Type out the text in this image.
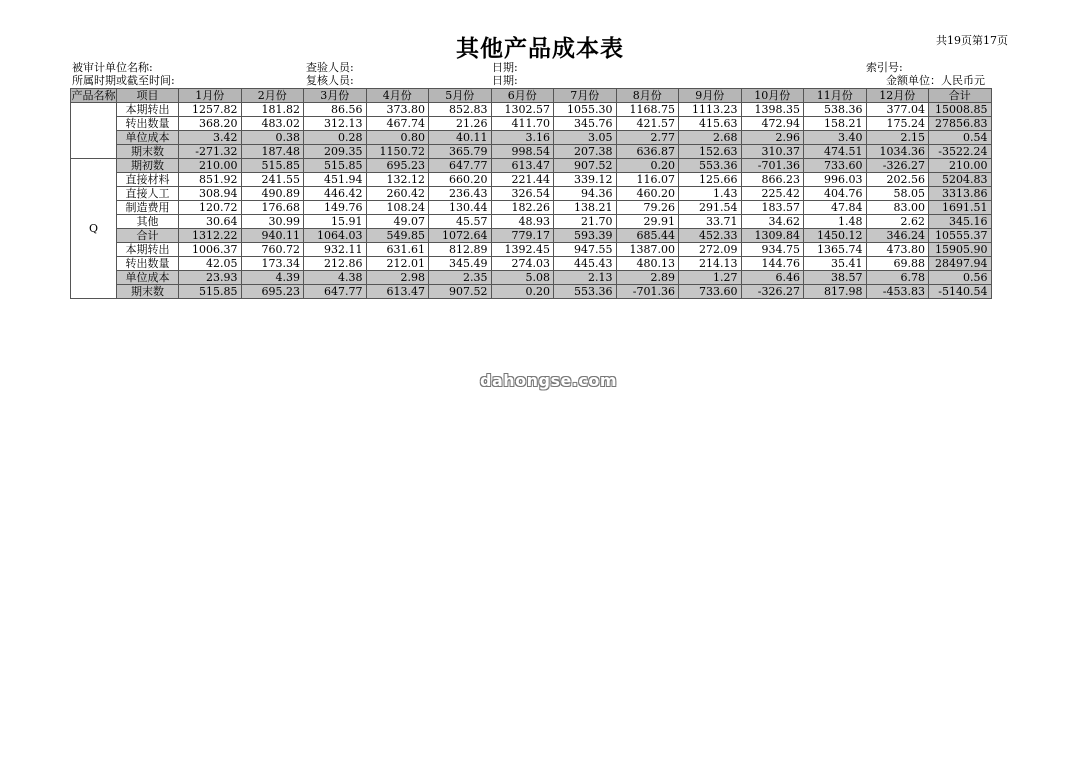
共19页第17页
其他产品成本表
被审计单位名称:	查验人员:	日期:	索引号:
所属时期或截至时间:	复核人员:	日期:	金额单位：人民币元
产品名称	项目	1月份	2月份	3月份	4月份	5月份	6月份	7月份	8月份	9月份	10月份	11月份	12月份	合计
	本期转出	1257.82	181.82	86.56	373.80	852.83	1302.57	1055.30	1168.75	1113.23	1398.35	538.36	377.04	15008.85
	转出数量	368.20	483.02	312.13	467.74	21.26	411.70	345.76	421.57	415.63	472.94	158.21	175.24	27856.83
	单位成本	3.42	0.38	0.28	0.80	40.11	3.16	3.05	2.77	2.68	2.96	3.40	2.15	0.54
	期末数	-271.32	187.48	209.35	1150.72	365.79	998.54	207.38	636.87	152.63	310.37	474.51	1034.36	-3522.24
Q	期初数	210.00	515.85	515.85	695.23	647.77	613.47	907.52	0.20	553.36	-701.36	733.60	-326.27	210.00
	直接材料	851.92	241.55	451.94	132.12	660.20	221.44	339.12	116.07	125.66	866.23	996.03	202.56	5204.83
	直接人工	308.94	490.89	446.42	260.42	236.43	326.54	94.36	460.20	1.43	225.42	404.76	58.05	3313.86
	制造费用	120.72	176.68	149.76	108.24	130.44	182.26	138.21	79.26	291.54	183.57	47.84	83.00	1691.51
	其他	30.64	30.99	15.91	49.07	45.57	48.93	21.70	29.91	33.71	34.62	1.48	2.62	345.16
	合计	1312.22	940.11	1064.03	549.85	1072.64	779.17	593.39	685.44	452.33	1309.84	1450.12	346.24	10555.37
	本期转出	1006.37	760.72	932.11	631.61	812.89	1392.45	947.55	1387.00	272.09	934.75	1365.74	473.80	15905.90
	转出数量	42.05	173.34	212.86	212.01	345.49	274.03	445.43	480.13	214.13	144.76	35.41	69.88	28497.94
	单位成本	23.93	4.39	4.38	2.98	2.35	5.08	2.13	2.89	1.27	6.46	38.57	6.78	0.56
	期末数	515.85	695.23	647.77	613.47	907.52	0.20	553.36	-701.36	733.60	-326.27	817.98	-453.83	-5140.54
dahongse.com
